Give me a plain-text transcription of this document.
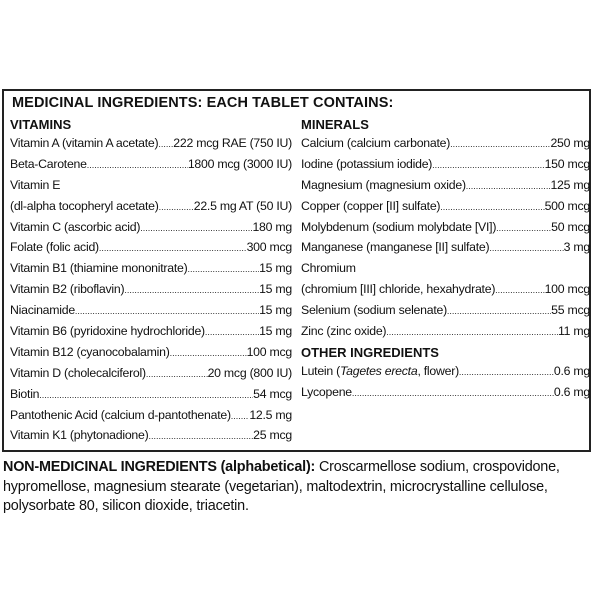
MEDICINAL INGREDIENTS: EACH TABLET CONTAINS:
VITAMINS
Vitamin A (vitamin A acetate) ..... 222 mcg RAE (750 IU)
Beta-Carotene .....	1800 mcg (3000 IU)
Vitamin E
(dl-alpha tocopheryl acetate) .....	22.5 mg AT (50 IU)
Vitamin C (ascorbic acid) .....	180 mg
Folate (folic acid) .....	300 mcg
Vitamin B1 (thiamine mononitrate) .....	15 mg
Vitamin B2 (riboflavin) .....	15 mg
Niacinamide .....	15 mg
Vitamin B6 (pyridoxine hydrochloride) .....	15 mg
Vitamin B12 (cyanocobalamin) .....	100 mcg
Vitamin D (cholecalciferol) .....	20 mcg (800 IU)
Biotin .....	54 mcg
Pantothenic Acid (calcium d-pantothenate) ..... 12.5 mg
Vitamin K1 (phytonadione) .....	25 mcg
MINERALS
Calcium (calcium carbonate) .....	250 mg
Iodine (potassium iodide) .....	150 mcg
Magnesium (magnesium oxide) .....	125 mg
Copper (copper [II] sulfate) .....	500 mcg
Molybdenum (sodium molybdate [VI]) .....	50 mcg
Manganese (manganese [II] sulfate) .....	3 mg
Chromium
(chromium [III] chloride, hexahydrate) .....	100 mcg
Selenium (sodium selenate) .....	55 mcg
Zinc (zinc oxide) .....	11 mg
OTHER INGREDIENTS
Lutein (Tagetes erecta, flower) .....	0.6 mg
Lycopene .....	0.6 mg
NON-MEDICINAL INGREDIENTS (alphabetical): Croscarmellose sodium, crospovidone, hypromellose, magnesium stearate (vegetarian), maltodextrin, microcrystalline cellulose, polysorbate 80, silicon dioxide, triacetin.
